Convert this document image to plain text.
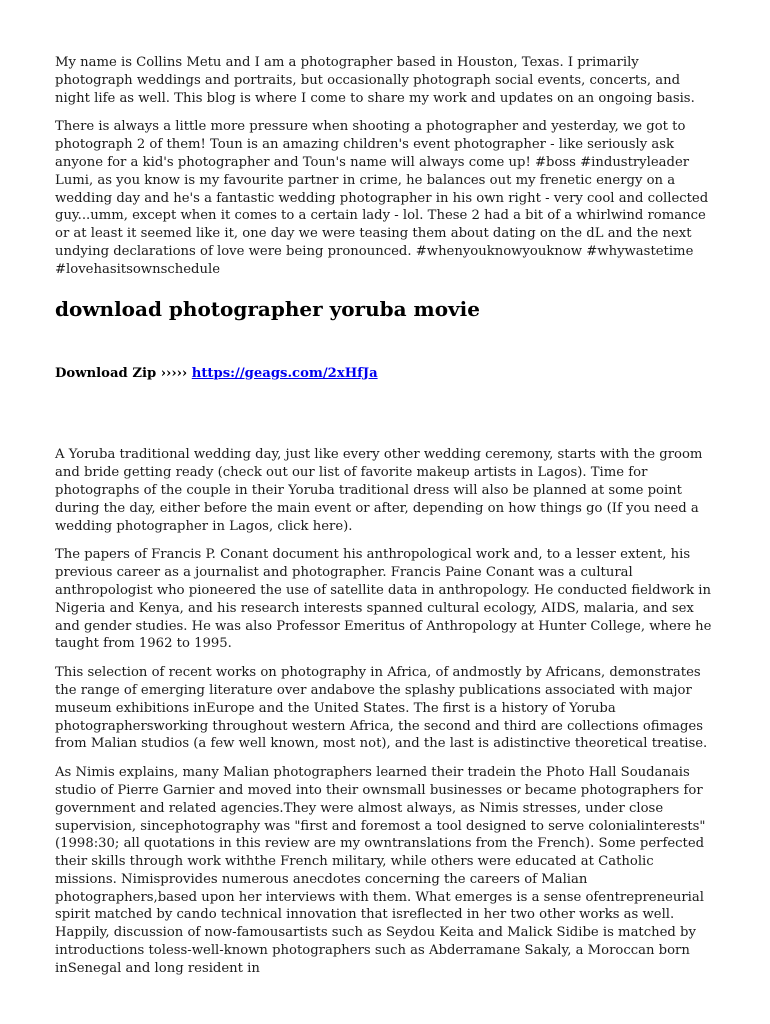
My name is Collins Metu and I am a photographer based in Houston, Texas. I primarily photograph weddings and portraits, but occasionally photograph social events, concerts, and night life as well. This blog is where I come to share my work and updates on an ongoing basis.

There is always a little more pressure when shooting a photographer and yesterday, we got to photograph 2 of them! Toun is an amazing children's event photographer - like seriously ask anyone for a kid's photographer and Toun's name will always come up! #boss #industryleader Lumi, as you know is my favourite partner in crime, he balances out my frenetic energy on a wedding day and he's a fantastic wedding photographer in his own right - very cool and collected guy...umm, except when it comes to a certain lady - lol. These 2 had a bit of a whirlwind romance or at least it seemed like it, one day we were teasing them about dating on the dL and the next undying declarations of love were being pronounced. #whenyouknowyouknow #whywastetime #lovehasitsownschedule

download photographer yoruba movie
Download Zip ››››› https://geags.com/2xHfJa

A Yoruba traditional wedding day, just like every other wedding ceremony, starts with the groom and bride getting ready (check out our list of favorite makeup artists in Lagos). Time for photographs of the couple in their Yoruba traditional dress will also be planned at some point during the day, either before the main event or after, depending on how things go (If you need a wedding photographer in Lagos, click here).

The papers of Francis P. Conant document his anthropological work and, to a lesser extent, his previous career as a journalist and photographer. Francis Paine Conant was a cultural anthropologist who pioneered the use of satellite data in anthropology. He conducted fieldwork in Nigeria and Kenya, and his research interests spanned cultural ecology, AIDS, malaria, and sex and gender studies. He was also Professor Emeritus of Anthropology at Hunter College, where he taught from 1962 to 1995.

This selection of recent works on photography in Africa, of andmostly by Africans, demonstrates the range of emerging literature over andabove the splashy publications associated with major museum exhibitions inEurope and the United States. The first is a history of Yoruba photographersworking throughout western Africa, the second and third are collections ofimages from Malian studios (a few well known, most not), and the last is adistinctive theoretical treatise.

As Nimis explains, many Malian photographers learned their tradein the Photo Hall Soudanais studio of Pierre Garnier and moved into their ownsmall businesses or became photographers for government and related agencies.They were almost always, as Nimis stresses, under close supervision, sincephotography was "first and foremost a tool designed to serve colonialinterests" (1998:30; all quotations in this review are my owntranslations from the French). Some perfected their skills through work withthe French military, while others were educated at Catholic missions. Nimisprovides numerous anecdotes concerning the careers of Malian photographers,based upon her interviews with them. What emerges is a sense ofentrepreneurial spirit matched by cando technical innovation that isreflected in her two other works as well. Happily, discussion of now-famousartists such as Seydou Keita and Malick Sidibe is matched by introductions toless-well-known photographers such as Abderramane Sakaly, a Moroccan born inSenegal and long resident in
